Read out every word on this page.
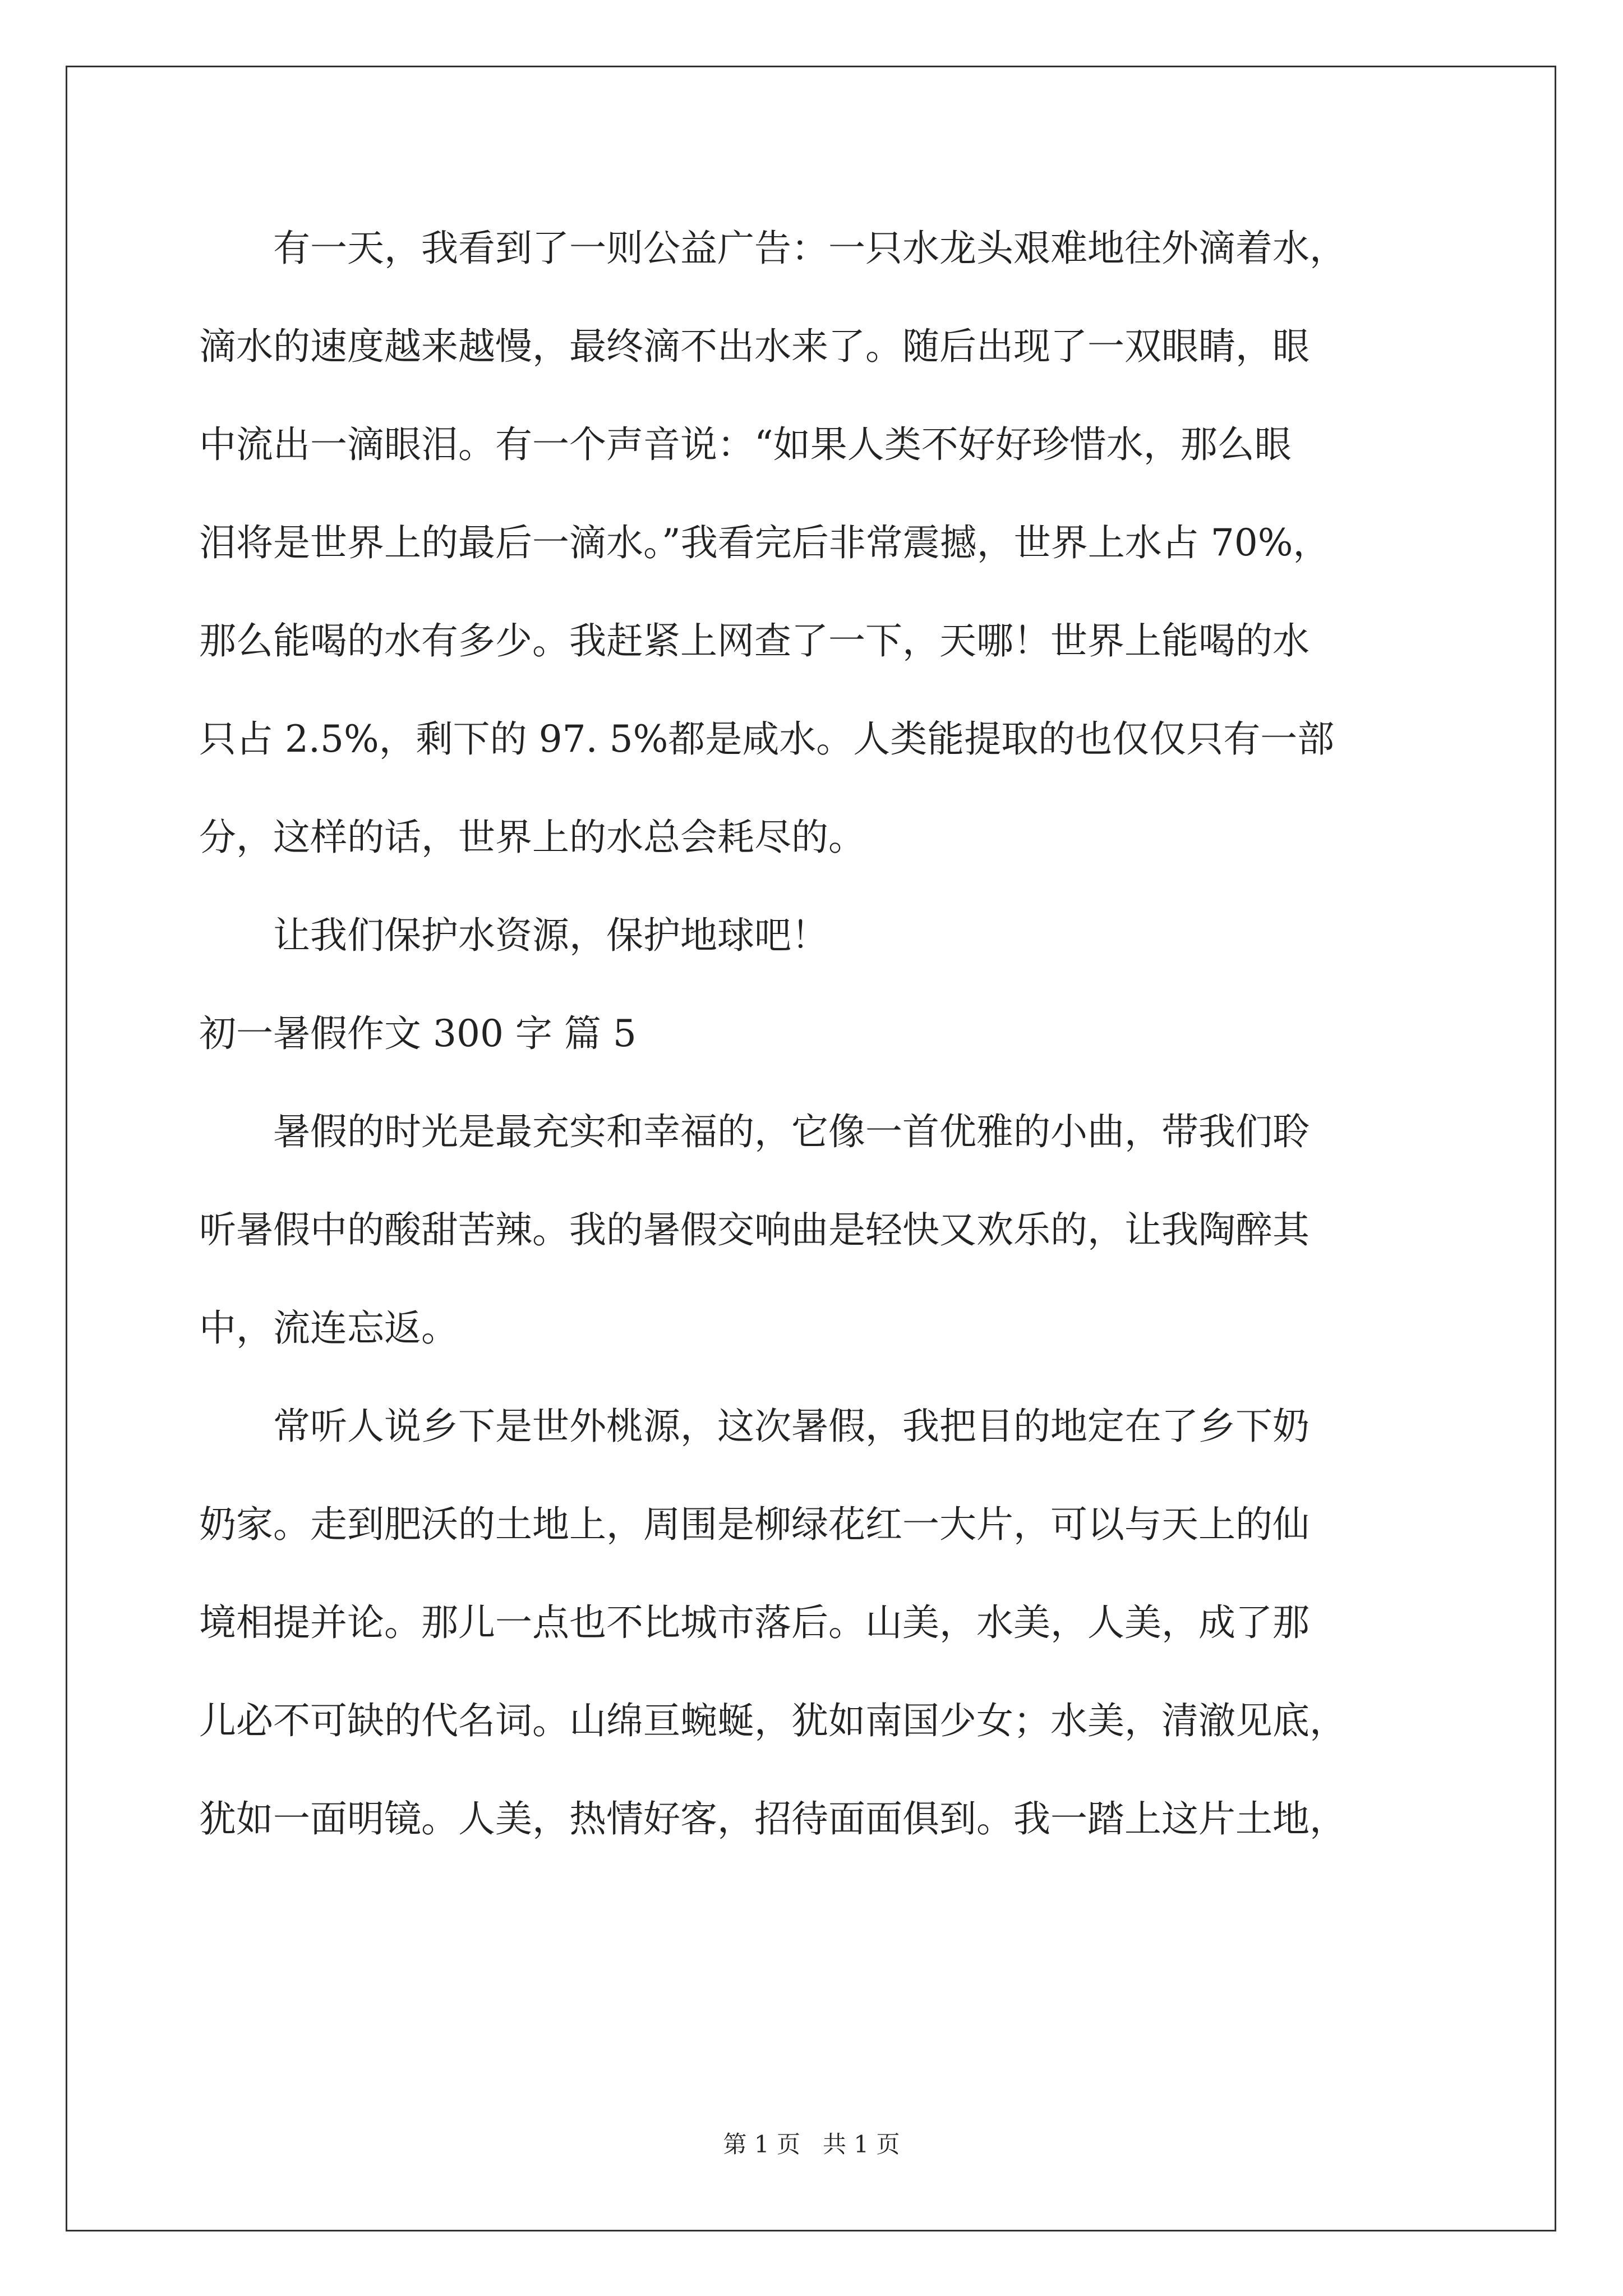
有一天，我看到了一则公益广告：一只水龙头艰难地往外滴着水，
滴水的速度越来越慢，最终滴不出水来了。随后出现了一双眼睛，眼
中流出一滴眼泪。有一个声音说：“如果人类不好好珍惜水，那么眼
泪将是世界上的最后一滴水。”我看完后非常震撼，世界上水占 70%，
那么能喝的水有多少。我赶紧上网查了一下，天哪！世界上能喝的水
只占 2.5%，剩下的 97. 5%都是咸水。人类能提取的也仅仅只有一部
分，这样的话，世界上的水总会耗尽的。
让我们保护水资源，保护地球吧！
初一暑假作文 300 字 篇 5
暑假的时光是最充实和幸福的，它像一首优雅的小曲，带我们聆
听暑假中的酸甜苦辣。我的暑假交响曲是轻快又欢乐的，让我陶醉其
中，流连忘返。
常听人说乡下是世外桃源，这次暑假，我把目的地定在了乡下奶
奶家。走到肥沃的土地上，周围是柳绿花红一大片，可以与天上的仙
境相提并论。那儿一点也不比城市落后。山美，水美，人美，成了那
儿必不可缺的代名词。山绵亘蜿蜒，犹如南国少女；水美，清澈见底，
犹如一面明镜。人美，热情好客，招待面面俱到。我一踏上这片土地，
第 1 页   共 1 页
